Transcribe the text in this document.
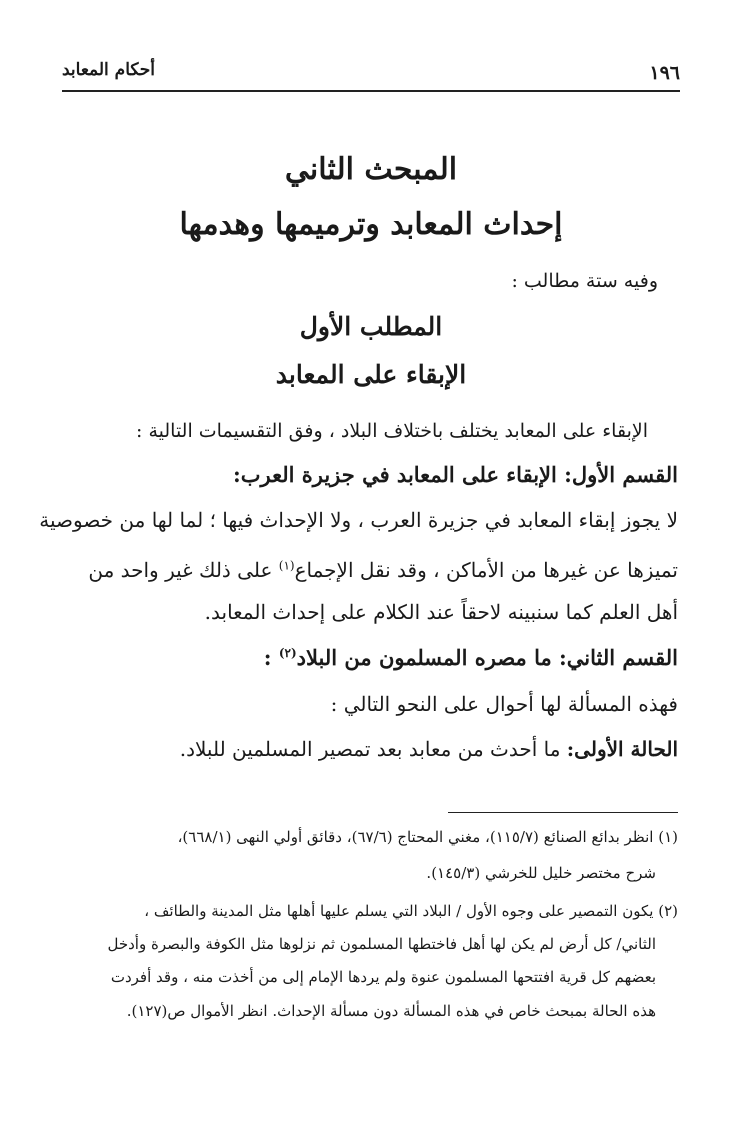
١٩٦
أحكام المعابد
المبحث الثاني
إحداث المعابد وترميمها وهدمها
وفيه ستة مطالب :
المطلب الأول
الإبقاء على المعابد
الإبقاء على المعابد يختلف باختلاف البلاد ، وفق التقسيمات التالية :
القسم الأول: الإبقاء على المعابد في جزيرة العرب:
لا يجوز إبقاء المعابد في جزيرة العرب ، ولا الإحداث فيها ؛ لما لها من خصوصية
تميزها عن غيرها من الأماكن ، وقد نقل الإجماع$^{(١)}$ على ذلك غير واحد من
أهل العلم كما سنبينه لاحقاً عند الكلام على إحداث المعابد.
القسم الثاني: ما مصره المسلمون من البلاد$^{(٢)}$ :
فهذه المسألة لها أحوال على النحو التالي :
الحالة الأولى: ما أحدث من معابد بعد تمصير المسلمين للبلاد.
(١) انظر بدائع الصنائع (١١٥/٧)، مغني المحتاج (٦٧/٦)، دقائق أولي النهى (٦٦٨/١)،
شرح مختصر خليل للخرشي (١٤٥/٣).
(٢) يكون التمصير على وجوه الأول / البلاد التي يسلم عليها أهلها مثل المدينة والطائف ،
الثاني/ كل أرض لم يكن لها أهل فاختطها المسلمون ثم نزلوها مثل الكوفة والبصرة وأدخل
بعضهم كل قرية افتتحها المسلمون عنوة ولم يردها الإمام إلى من أخذت منه ، وقد أفردت
هذه الحالة بمبحث خاص في هذه المسألة دون مسألة الإحداث. انظر الأموال ص(١٢٧).
